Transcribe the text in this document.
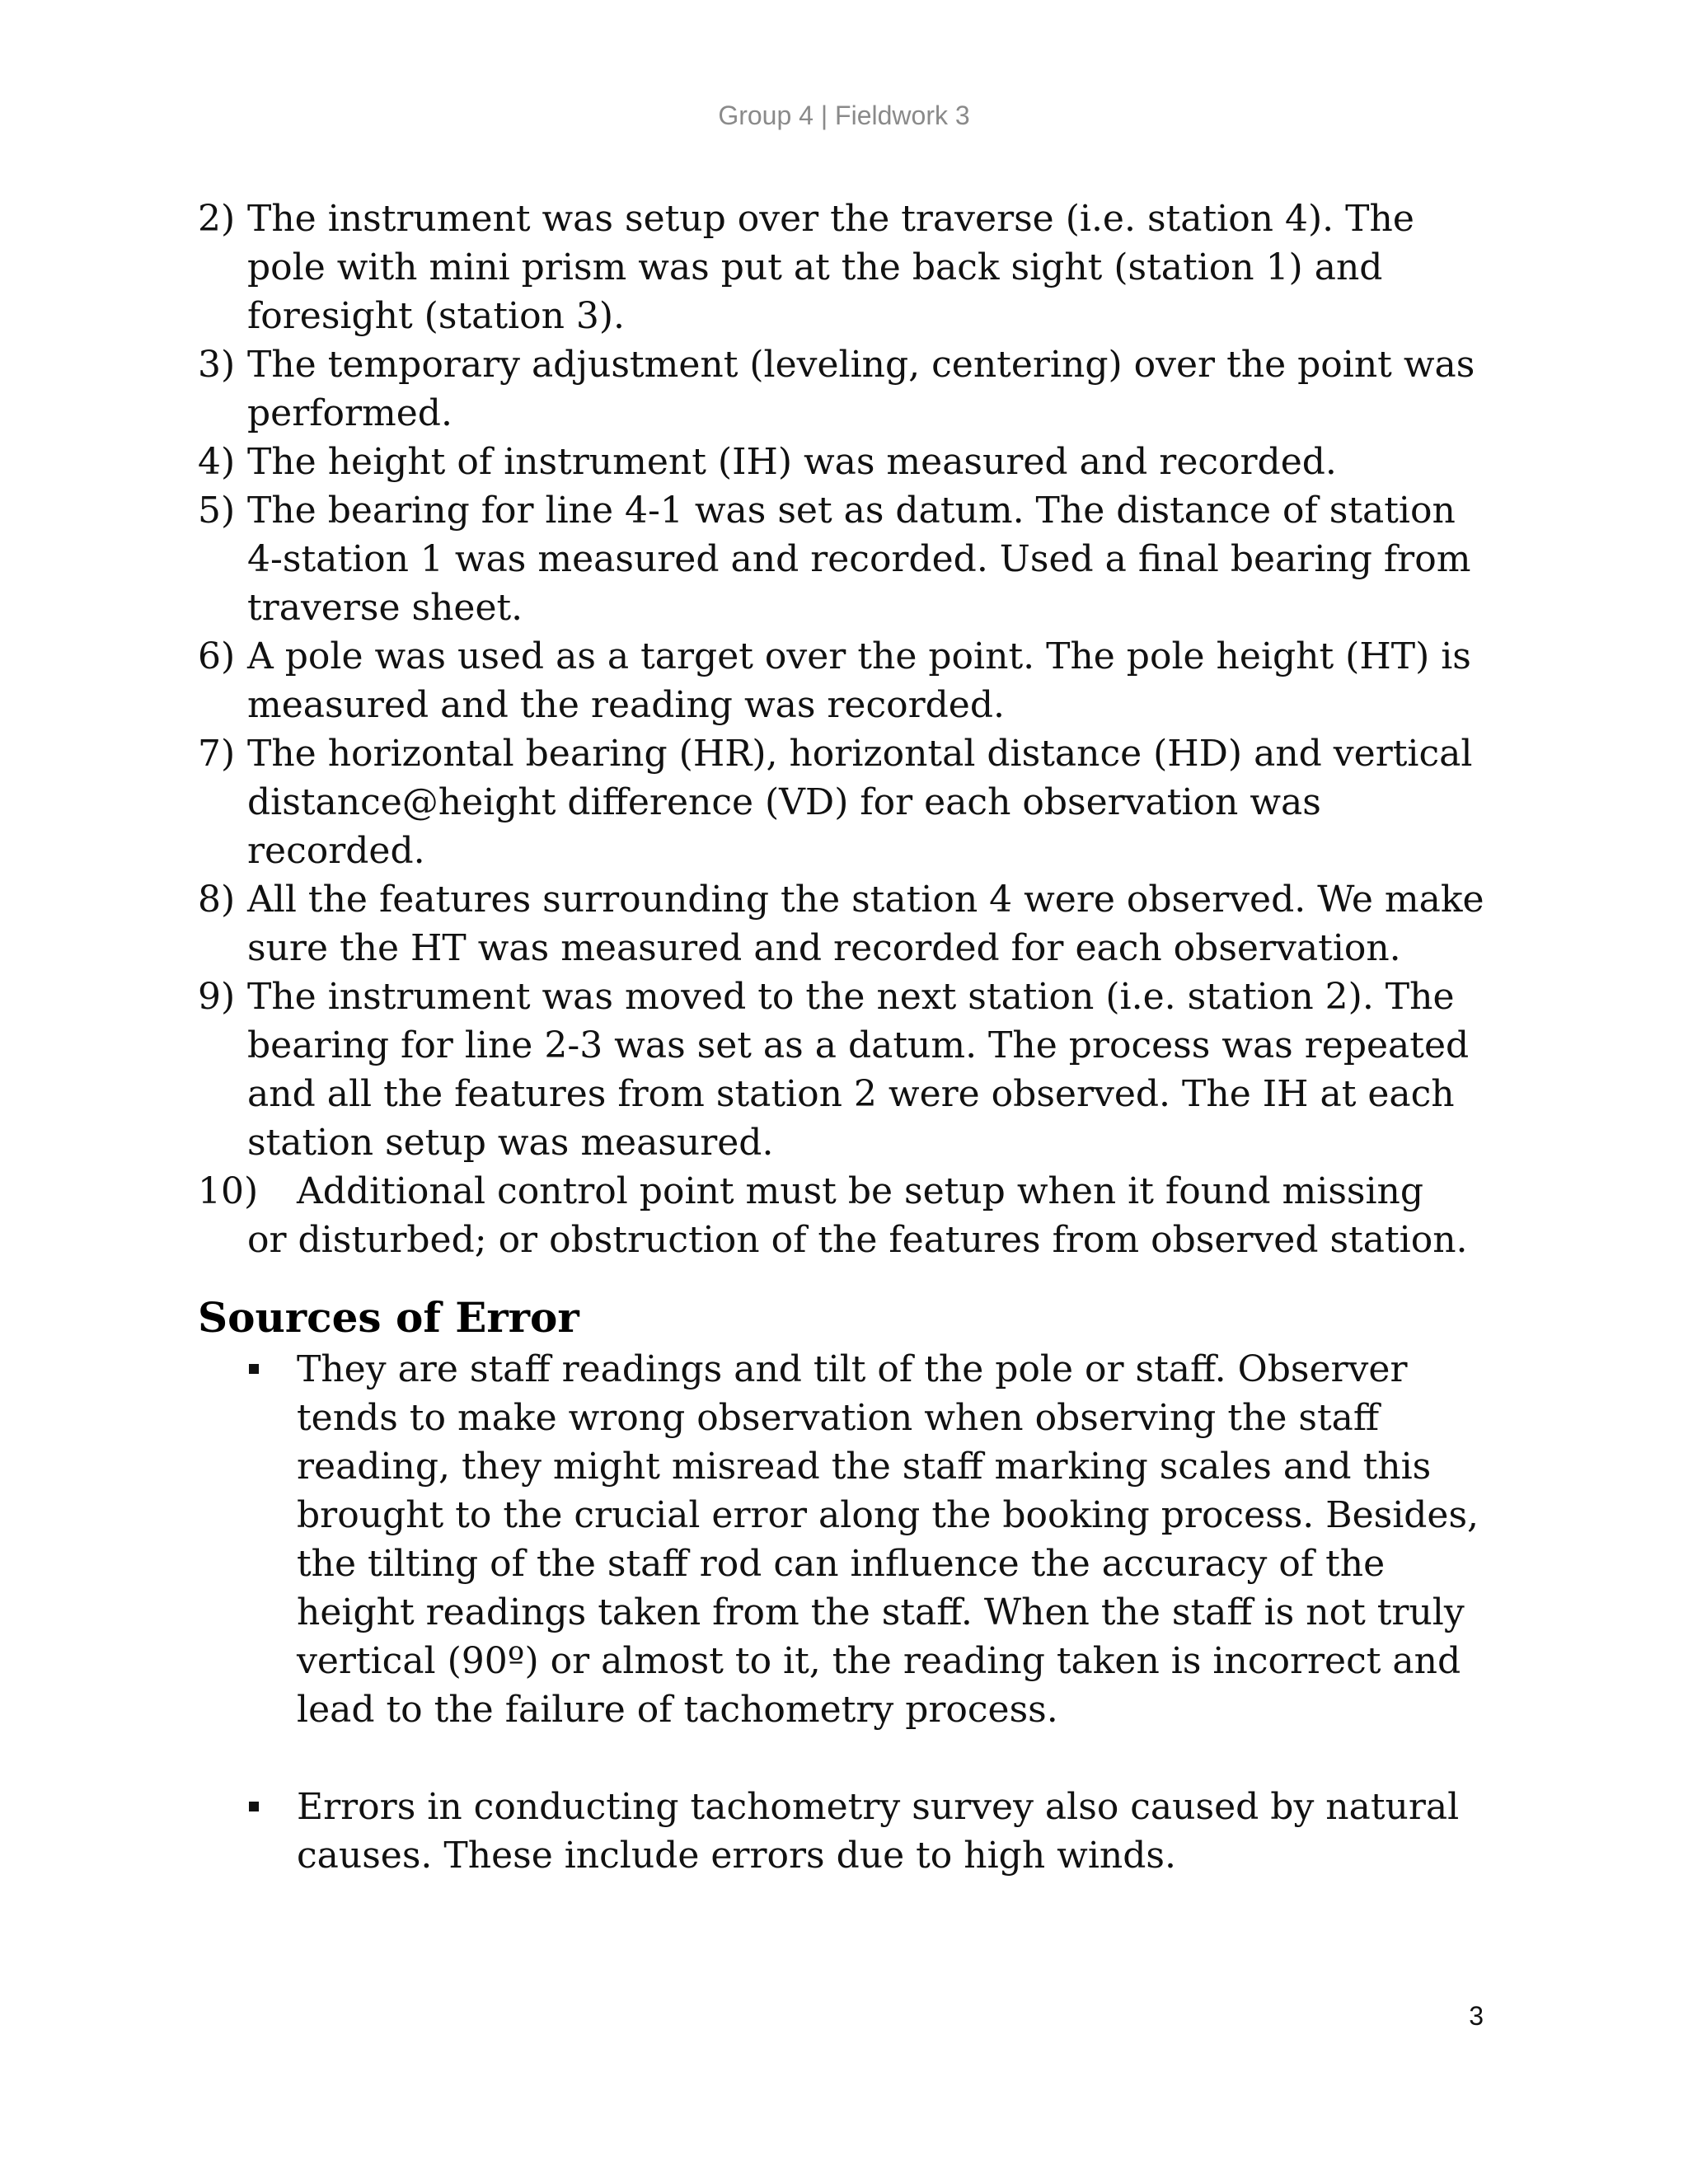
Group 4 | Fieldwork 3
2) The instrument was setup over the traverse (i.e. station 4). The pole with mini prism was put at the back sight (station 1) and foresight (station 3).
3) The temporary adjustment (leveling, centering) over the point was performed.
4) The height of instrument (IH) was measured and recorded.
5) The bearing for line 4-1 was set as datum. The distance of station 4-station 1 was measured and recorded. Used a final bearing from traverse sheet.
6) A pole was used as a target over the point. The pole height (HT) is measured and the reading was recorded.
7) The horizontal bearing (HR), horizontal distance (HD) and vertical distance@height difference (VD) for each observation was recorded.
8) All the features surrounding the station 4 were observed. We make sure the HT was measured and recorded for each observation.
9) The instrument was moved to the next station (i.e. station 2). The bearing for line 2-3 was set as a datum. The process was repeated and all the features from station 2 were observed. The IH at each station setup was measured.
10) Additional control point must be setup when it found missing
or disturbed; or obstruction of the features from observed station.
Sources of Error
They are staff readings and tilt of the pole or staff. Observer tends to make wrong observation when observing the staff reading, they might misread the staff marking scales and this brought to the crucial error along the booking process. Besides, the tilting of the staff rod can influence the accuracy of the height readings taken from the staff. When the staff is not truly vertical (90º) or almost to it, the reading taken is incorrect and lead to the failure of tachometry process.
Errors in conducting tachometry survey also caused by natural causes. These include errors due to high winds.
3
